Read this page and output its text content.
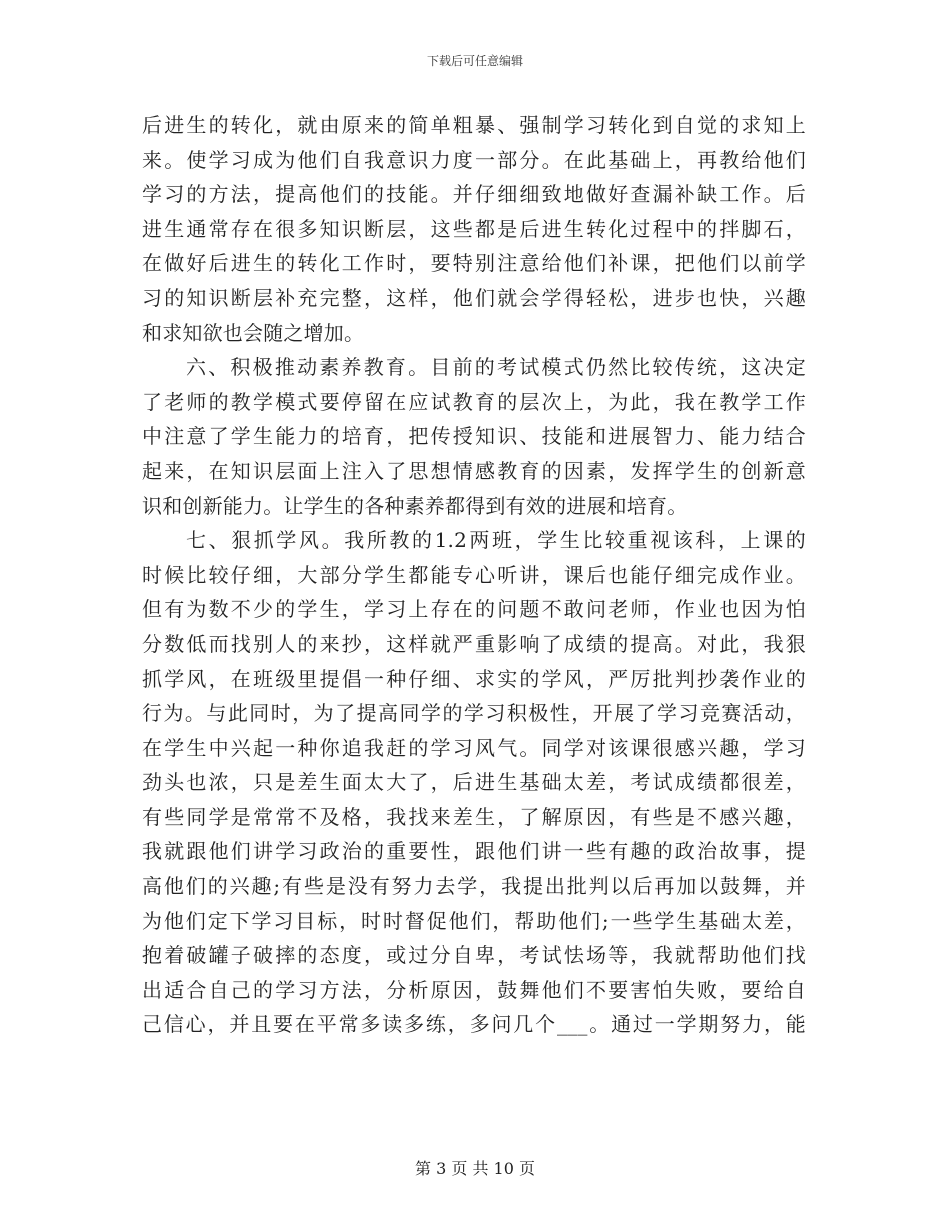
下载后可任意编辑
后进生的转化，就由原来的简单粗暴、强制学习转化到自觉的求知上
来。使学习成为他们自我意识力度一部分。在此基础上，再教给他们
学习的方法，提高他们的技能。并仔细细致地做好查漏补缺工作。后
进生通常存在很多知识断层，这些都是后进生转化过程中的拌脚石，
在做好后进生的转化工作时，要特别注意给他们补课，把他们以前学
习的知识断层补充完整，这样，他们就会学得轻松，进步也快，兴趣
和求知欲也会随之增加。
六、积极推动素养教育。目前的考试模式仍然比较传统，这决定
了老师的教学模式要停留在应试教育的层次上，为此，我在教学工作
中注意了学生能力的培育，把传授知识、技能和进展智力、能力结合
起来，在知识层面上注入了思想情感教育的因素，发挥学生的创新意
识和创新能力。让学生的各种素养都得到有效的进展和培育。
七、狠抓学风。我所教的1.2两班，学生比较重视该科，上课的
时候比较仔细，大部分学生都能专心听讲，课后也能仔细完成作业。
但有为数不少的学生，学习上存在的问题不敢问老师，作业也因为怕
分数低而找别人的来抄，这样就严重影响了成绩的提高。对此，我狠
抓学风，在班级里提倡一种仔细、求实的学风，严厉批判抄袭作业的
行为。与此同时，为了提高同学的学习积极性，开展了学习竞赛活动，
在学生中兴起一种你追我赶的学习风气。同学对该课很感兴趣，学习
劲头也浓，只是差生面太大了，后进生基础太差，考试成绩都很差，
有些同学是常常不及格，我找来差生，了解原因，有些是不感兴趣，
我就跟他们讲学习政治的重要性，跟他们讲一些有趣的政治故事，提
高他们的兴趣;有些是没有努力去学，我提出批判以后再加以鼓舞，并
为他们定下学习目标，时时督促他们，帮助他们;一些学生基础太差，
抱着破罐子破摔的态度，或过分自卑，考试怯场等，我就帮助他们找
出适合自己的学习方法，分析原因，鼓舞他们不要害怕失败，要给自
己信心，并且要在平常多读多练，多问几个___。通过一学期努力，能
第 3 页 共 10 页
